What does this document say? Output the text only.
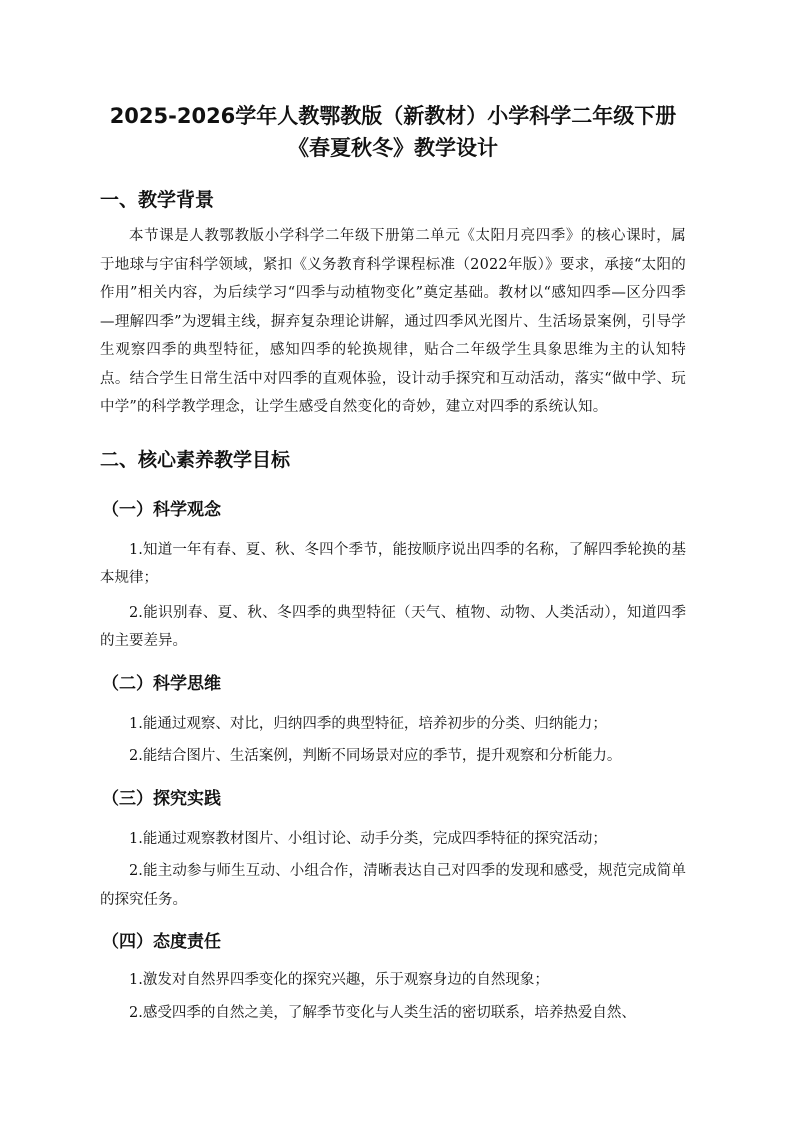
2025-2026学年人教鄂教版（新教材）小学科学二年级下册 《春夏秋冬》教学设计
一、教学背景

本节课是人教鄂教版小学科学二年级下册第二单元《太阳月亮四季》的核心课时，属于地球与宇宙科学领域，紧扣《义务教育科学课程标准（2022年版）》要求，承接“太阳的作用”相关内容，为后续学习“四季与动植物变化”奠定基础。教材以“感知四季—区分四季—理解四季”为逻辑主线，摒弃复杂理论讲解，通过四季风光图片、生活场景案例，引导学生观察四季的典型特征，感知四季的轮换规律，贴合二年级学生具象思维为主的认知特点。结合学生日常生活中对四季的直观体验，设计动手探究和互动活动，落实“做中学、玩中学”的科学教学理念，让学生感受自然变化的奇妙，建立对四季的系统认知。

二、核心素养教学目标
（一）科学观念

1.知道一年有春、夏、秋、冬四个季节，能按顺序说出四季的名称，了解四季轮换的基本规律；

2.能识别春、夏、秋、冬四季的典型特征（天气、植物、动物、人类活动），知道四季的主要差异。

（二）科学思维

1.能通过观察、对比，归纳四季的典型特征，培养初步的分类、归纳能力；

2.能结合图片、生活案例，判断不同场景对应的季节，提升观察和分析能力。

（三）探究实践

1.能通过观察教材图片、小组讨论、动手分类，完成四季特征的探究活动；

2.能主动参与师生互动、小组合作，清晰表达自己对四季的发现和感受，规范完成简单的探究任务。

（四）态度责任

1.激发对自然界四季变化的探究兴趣，乐于观察身边的自然现象；

2.感受四季的自然之美，了解季节变化与人类生活的密切联系，培养热爱自然、
